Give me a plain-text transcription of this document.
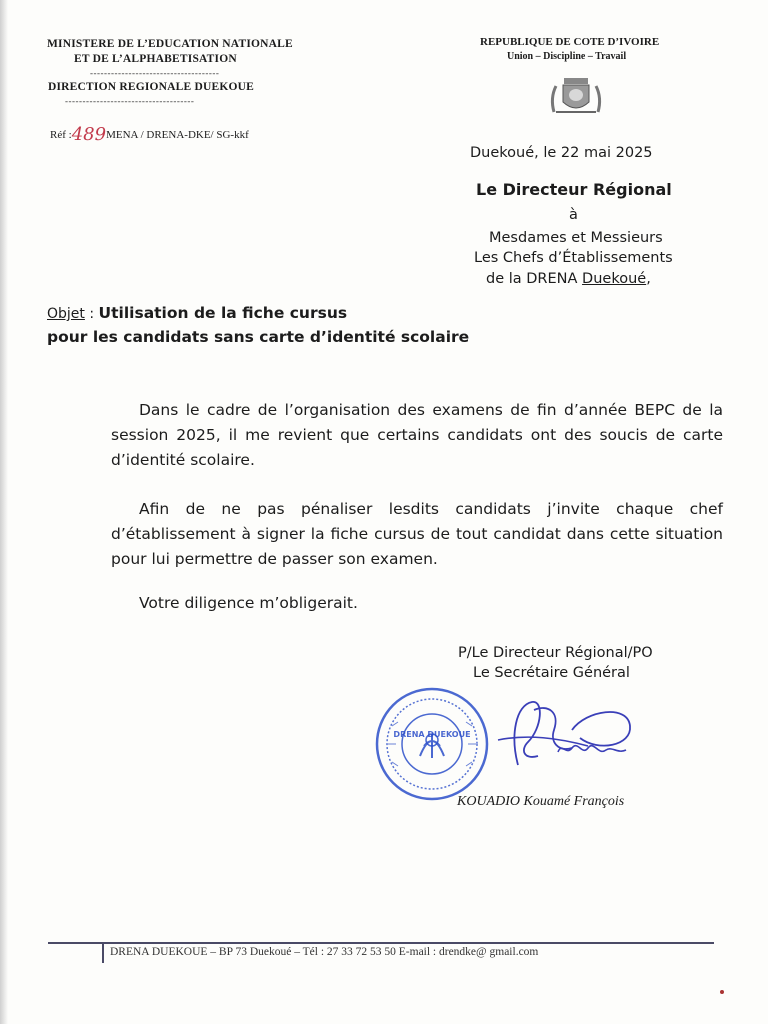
MINISTERE DE L’EDUCATION NATIONALE
ET DE L’ALPHABETISATION
-------------------------------------
DIRECTION REGIONALE DUEKOUE
-------------------------------------
Réf :489MENA / DRENA-DKE/ SG-kkf
REPUBLIQUE DE COTE D’IVOIRE
Union – Discipline – Travail
Duekoué, le 22 mai 2025
Le Directeur Régional
à
Mesdames et Messieurs
Les Chefs d’Établissements
de la DRENA Duekoué,
Objet : Utilisation de la fiche cursus
pour les candidats sans carte d’identité scolaire
Dans le cadre de l’organisation des examens de fin d’année BEPC de la session 2025, il me revient que certains candidats ont des soucis de carte d’identité scolaire.
Afin de ne pas pénaliser lesdits candidats j’invite chaque chef d’établissement à signer la fiche cursus de tout candidat dans cette situation pour lui permettre de passer son examen.
Votre diligence m’obligerait.
P/Le Directeur Régional/PO
Le Secrétaire Général
DRENA DUEKOUE
KOUADIO Kouamé François
DRENA DUEKOUE – BP 73 Duekoué – Tél : 27 33 72 53 50 E-mail : drendke@ gmail.com
